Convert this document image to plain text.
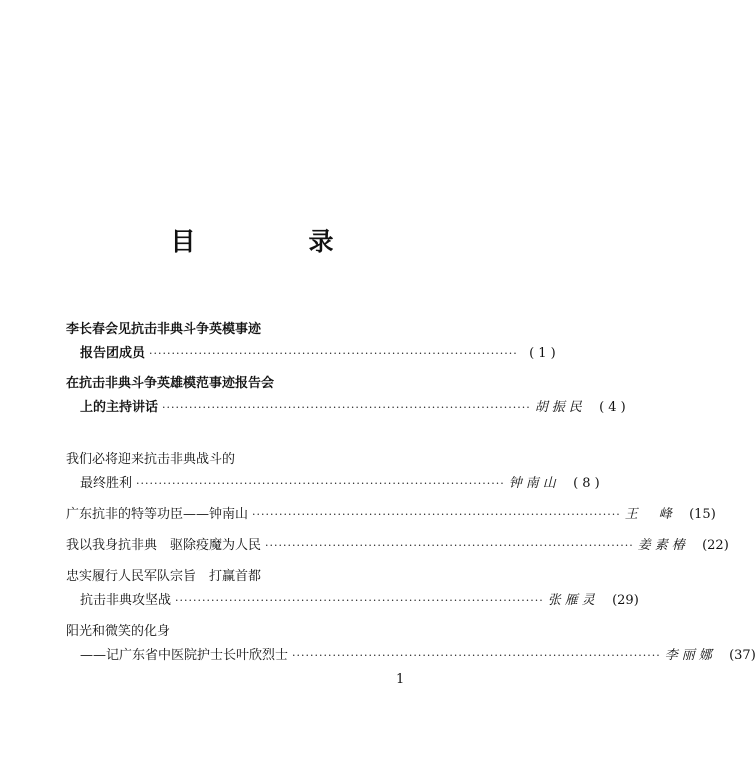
目　录
李长春会见抗击非典斗争英模事迹
报告团成员 ·················································································· ( 1 )
在抗击非典斗争英雄模范事迹报告会
上的主持讲话 ·················································································· 胡振民	( 4 )
我们必将迎来抗击非典战斗的
最终胜利 ·················································································· 钟南山	( 8 )
广东抗非的特等功臣——钟南山 ·················································································· 王　峰	(15)
我以我身抗非典　驱除疫魔为人民 ·················································································· 姜素椿	(22)
忠实履行人民军队宗旨　打赢首都
抗击非典攻坚战 ·················································································· 张雁灵	(29)
阳光和微笑的化身
——记广东省中医院护士长叶欣烈士 ·················································································· 李丽娜	(37)
1
